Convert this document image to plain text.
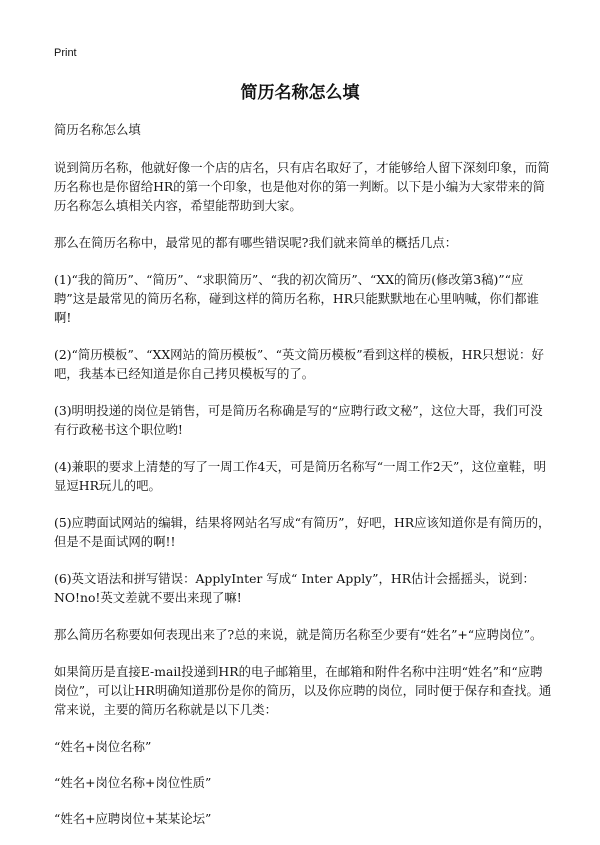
Print
简历名称怎么填

简历名称怎么填

说到简历名称，他就好像一个店的店名，只有店名取好了，才能够给人留下深刻印象，而简历名称也是你留给HR的第一个印象，也是他对你的第一判断。以下是小编为大家带来的简历名称怎么填相关内容，希望能帮助到大家。

那么在简历名称中，最常见的都有哪些错误呢?我们就来简单的概括几点：

(1)“我的简历”、“简历”、“求职简历”、“我的初次简历”、“XX的简历(修改第3稿)”“应聘”这是最常见的简历名称，碰到这样的简历名称，HR只能默默地在心里呐喊，你们都谁啊!

(2)“简历模板”、“XX网站的简历模板”、“英文简历模板”看到这样的模板，HR只想说：好吧，我基本已经知道是你自己拷贝模板写的了。

(3)明明投递的岗位是销售，可是简历名称确是写的“应聘行政文秘”，这位大哥，我们可没有行政秘书这个职位哟!

(4)兼职的要求上清楚的写了一周工作4天，可是简历名称写“一周工作2天”，这位童鞋，明显逗HR玩儿的吧。

(5)应聘面试网站的编辑，结果将网站名写成“有简历”，好吧，HR应该知道你是有简历的，但是不是面试网的啊!!

(6)英文语法和拼写错误：ApplyInter 写成“ Inter Apply”，HR估计会摇摇头，说到：NO!no!英文差就不要出来现了嘛!

那么简历名称要如何表现出来了?总的来说，就是简历名称至少要有“姓名”+“应聘岗位”。

如果简历是直接E-mail投递到HR的电子邮箱里，在邮箱和附件名称中注明“姓名”和“应聘岗位”，可以让HR明确知道那份是你的简历，以及你应聘的岗位，同时便于保存和查找。通常来说，主要的简历名称就是以下几类：

“姓名+岗位名称”

“姓名+岗位名称+岗位性质”

“姓名+应聘岗位+某某论坛”
